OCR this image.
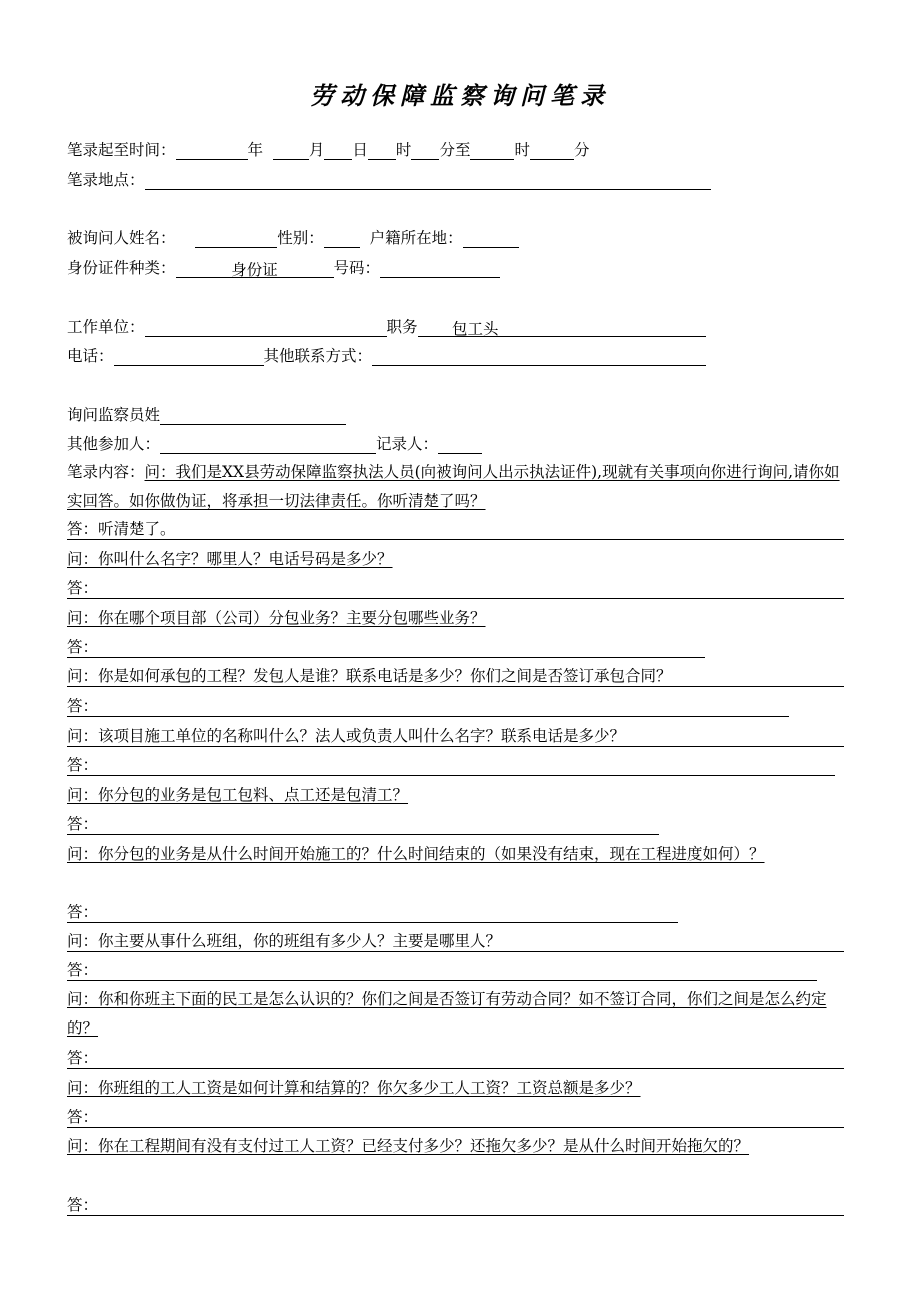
劳动保障监察询问笔录
笔录起至时间：	年	月 日 时 分至	时	分
笔录地点：
被询问人姓名：	性别：	户籍所在地：
身份证件种类：	身份证	号码：
工作单位：	职务 包工头
电话：	其他联系方式：
询问监察员姓
其他参加人：	记录人：
笔录内容：问：我们是XX县劳动保障监察执法人员(向被询问人出示执法证件),现就有关事项向你进行询问,请你如实回答。如你做伪证，将承担一切法律责任。你听清楚了吗？
答：听清楚了。
问：你叫什么名字？哪里人？电话号码是多少？
答：
问：你在哪个项目部（公司）分包业务？主要分包哪些业务？
答：
问：你是如何承包的工程？发包人是谁？联系电话是多少？你们之间是否签订承包合同？
答：
问：该项目施工单位的名称叫什么？法人或负责人叫什么名字？联系电话是多少？
答：
问：你分包的业务是包工包料、点工还是包清工？
答：
问：你分包的业务是从什么时间开始施工的？什么时间结束的（如果没有结束，现在工程进度如何）？
答：
问：你主要从事什么班组，你的班组有多少人？主要是哪里人？
答：
问：你和你班主下面的民工是怎么认识的？你们之间是否签订有劳动合同？如不签订合同，你们之间是怎么约定的？
答：
问：你班组的工人工资是如何计算和结算的？你欠多少工人工资？工资总额是多少？
答：
问：你在工程期间有没有支付过工人工资？已经支付多少？还拖欠多少？是从什么时间开始拖欠的？
答：
